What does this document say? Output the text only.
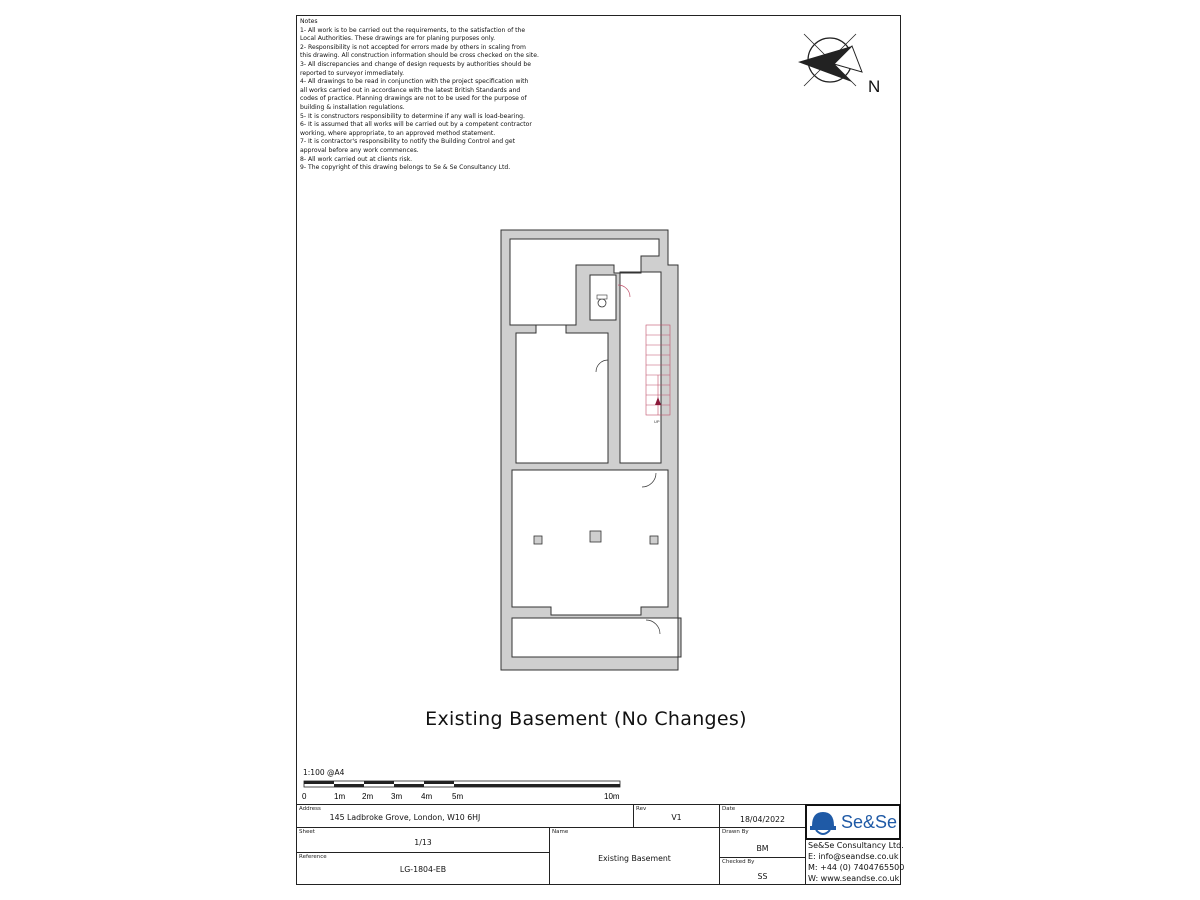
Notes
1- All work is to be carried out the requirements, to the satisfaction of the
Local Authorities. These drawings are for planing purposes only.
2- Responsibility is not accepted for errors made by others in scaling from
this drawing. All construction information should be cross checked on the site.
3- All discrepancies and change of design requests by authorities should be
reported to surveyor immediately.
4- All drawings to be read in conjunction with the project specification with
all works carried out in accordance with the latest British Standards and
codes of practice. Planning drawings are not to be used for the purpose of
building & installation regulations.
5- It is constructors responsibility to determine if any wall is load-bearing.
6- It is assumed that all works will be carried out by a competent contractor
working, where appropriate, to an approved method statement.
7- It is contractor's responsibility to notify the Building Control and get
approval before any work commences.
8- All work carried out at clients risk.
9- The copyright of this drawing belongs to Se & Se Consultancy Ltd.
N
UP
Existing Basement (No Changes)
1:100 @A4
0	1m 2m 3m 4m 5m	10m
Address
145 Ladbroke Grove, London, W10 6HJ
Rev
V1
Date
18/04/2022
Sheet
1/13
Name
Existing Basement
Drawn By
BM
Reference
LG-1804-EB
Checked By
SS
Se&Se
Se&Se Consultancy Ltd.
E: info@seandse.co.uk
M: +44 (0) 7404765500
W: www.seandse.co.uk
